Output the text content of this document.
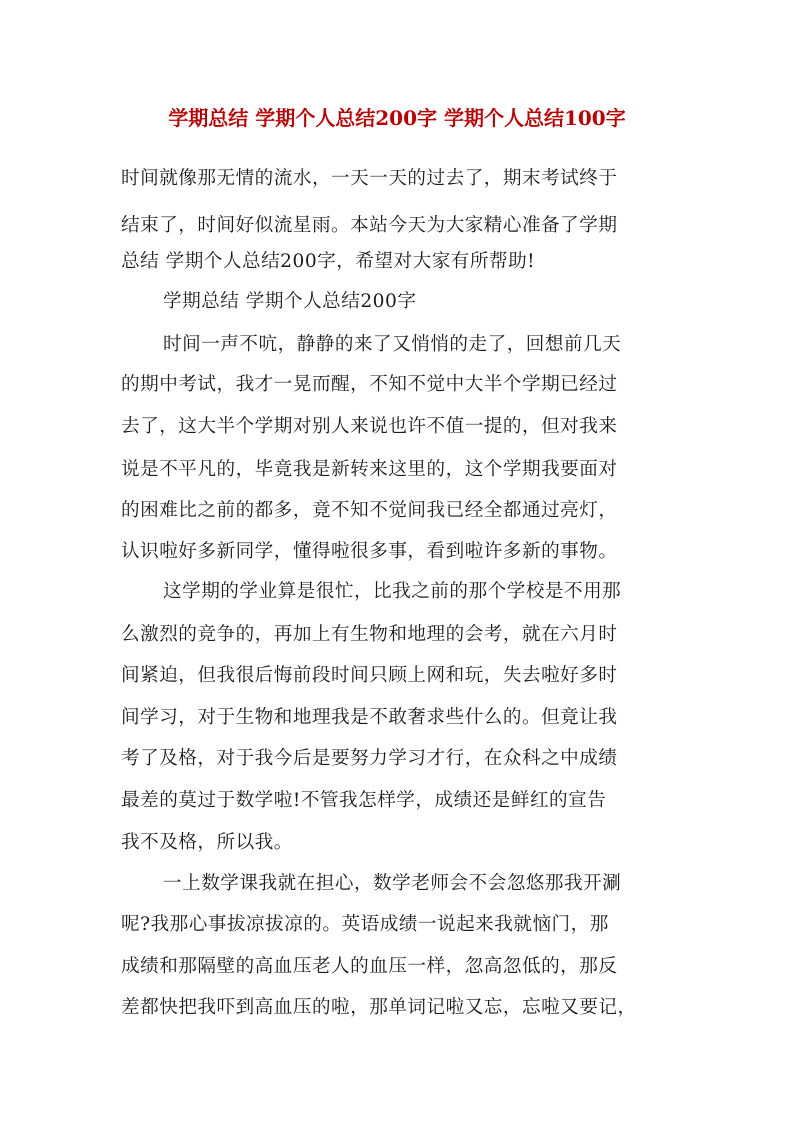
学期总结 学期个人总结200字 学期个人总结100字
时间就像那无情的流水，一天一天的过去了，期末考试终于
结束了，时间好似流星雨。本站今天为大家精心准备了学期
总结 学期个人总结200字，希望对大家有所帮助!
学期总结 学期个人总结200字
时间一声不吭，静静的来了又悄悄的走了，回想前几天
的期中考试，我才一晃而醒，不知不觉中大半个学期已经过
去了，这大半个学期对别人来说也许不值一提的，但对我来
说是不平凡的，毕竟我是新转来这里的，这个学期我要面对
的困难比之前的都多，竟不知不觉间我已经全都通过亮灯，
认识啦好多新同学，懂得啦很多事，看到啦许多新的事物。
这学期的学业算是很忙，比我之前的那个学校是不用那
么激烈的竞争的，再加上有生物和地理的会考，就在六月时
间紧迫，但我很后悔前段时间只顾上网和玩，失去啦好多时
间学习，对于生物和地理我是不敢奢求些什么的。但竟让我
考了及格，对于我今后是要努力学习才行，在众科之中成绩
最差的莫过于数学啦!不管我怎样学，成绩还是鲜红的宣告
我不及格，所以我。
一上数学课我就在担心，数学老师会不会忽悠那我开涮
呢?我那心事拔凉拔凉的。英语成绩一说起来我就恼门，那
成绩和那隔壁的高血压老人的血压一样，忽高忽低的，那反
差都快把我吓到高血压的啦，那单词记啦又忘，忘啦又要记，
